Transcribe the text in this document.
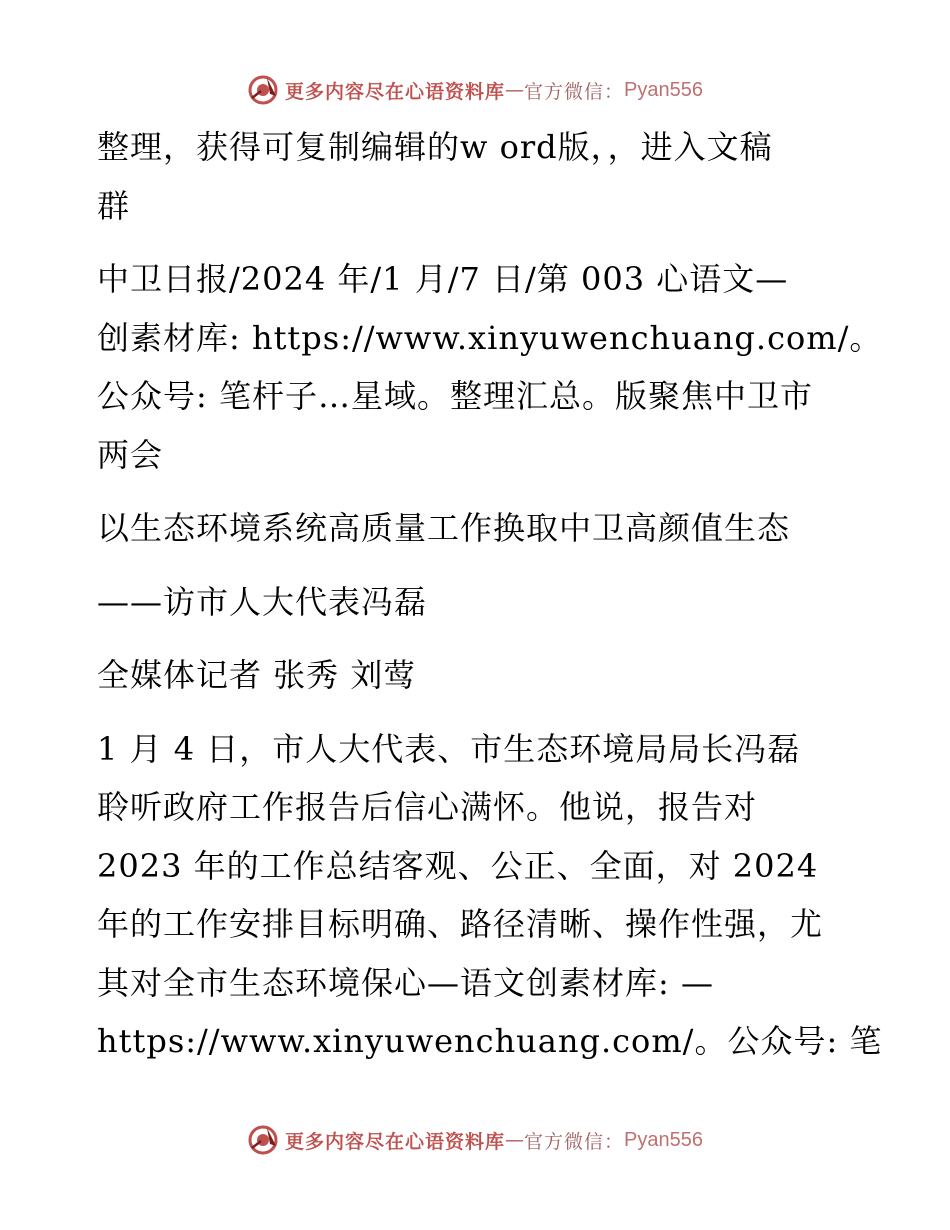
更多内容尽在心语资料库 — 官方微信： Pyan556

整理，获得可复制编辑的w ord版，，进入文稿
群

中卫日报/2024 年/1 月/7 日/第 003 心语文—
创素材库: https://www.xinyuwenchuang.com/。
公众号: 笔杆子…星域。整理汇总。版聚焦中卫市
两会

以生态环境系统高质量工作换取中卫高颜值生态

——访市人大代表冯磊

全媒体记者 张秀 刘莺

1 月 4 日，市人大代表、市生态环境局局长冯磊
聆听政府工作报告后信心满怀。他说，报告对
2023 年的工作总结客观、公正、全面，对 2024
年的工作安排目标明确、路径清晰、操作性强，尤
其对全市生态环境保心—语文创素材库: —
https://www.xinyuwenchuang.com/。公众号: 笔

更多内容尽在心语资料库 — 官方微信： Pyan556
